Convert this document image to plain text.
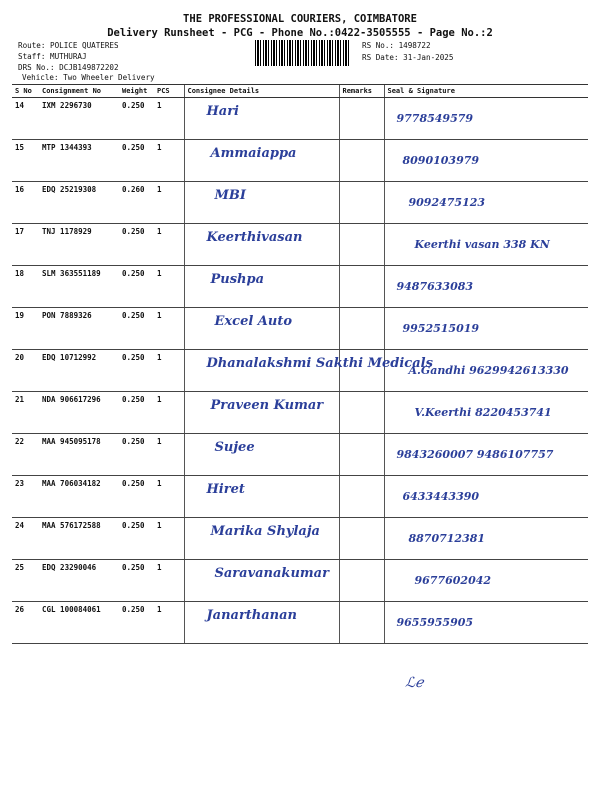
THE PROFESSIONAL COURIERS, COIMBATORE
Delivery Runsheet - PCG - Phone No.:0422-3505555 - Page No.:2
Route: POLICE QUATERES
Staff: MUTHURAJ
DRS No.: DCJB149872202
Vehicle: Two Wheeler Delivery
RS No.: 1498722
RS Date: 31-Jan-2025
S No	Consignment No	Weight	PCS	Consignee Details	Remarks	Seal & Signature
14	IXM 2296730	0.250	1	Hari		9778549579

15	MTP 1344393	0.250	1	Ammaiappa		8090103979

16	EDQ 25219308	0.260	1	MBI		9092475123

17	TNJ 1178929	0.250	1	Keerthivasan		Keerthi vasan 338 KN

18	SLM 363551189	0.250	1	Pushpa		9487633083

19	PON 7889326	0.250	1	Excel Auto		9952515019

20	EDQ 10712992	0.250	1	Dhanalakshmi Sakthi Medicals		A.Gandhi 9629942613330

21	NDA 906617296	0.250	1	Praveen Kumar		V.Keerthi 8220453741

22	MAA 945095178	0.250	1	Sujee		9843260007 9486107757

23	MAA 706034182	0.250	1	Hiret		6433443390

24	MAA 576172588	0.250	1	Marika Shylaja		8870712381

25	EDQ 23290046	0.250	1	Saravanakumar		9677602042

26	CGL 100084061	0.250	1	Janarthanan		9655955905
ℒℯ
